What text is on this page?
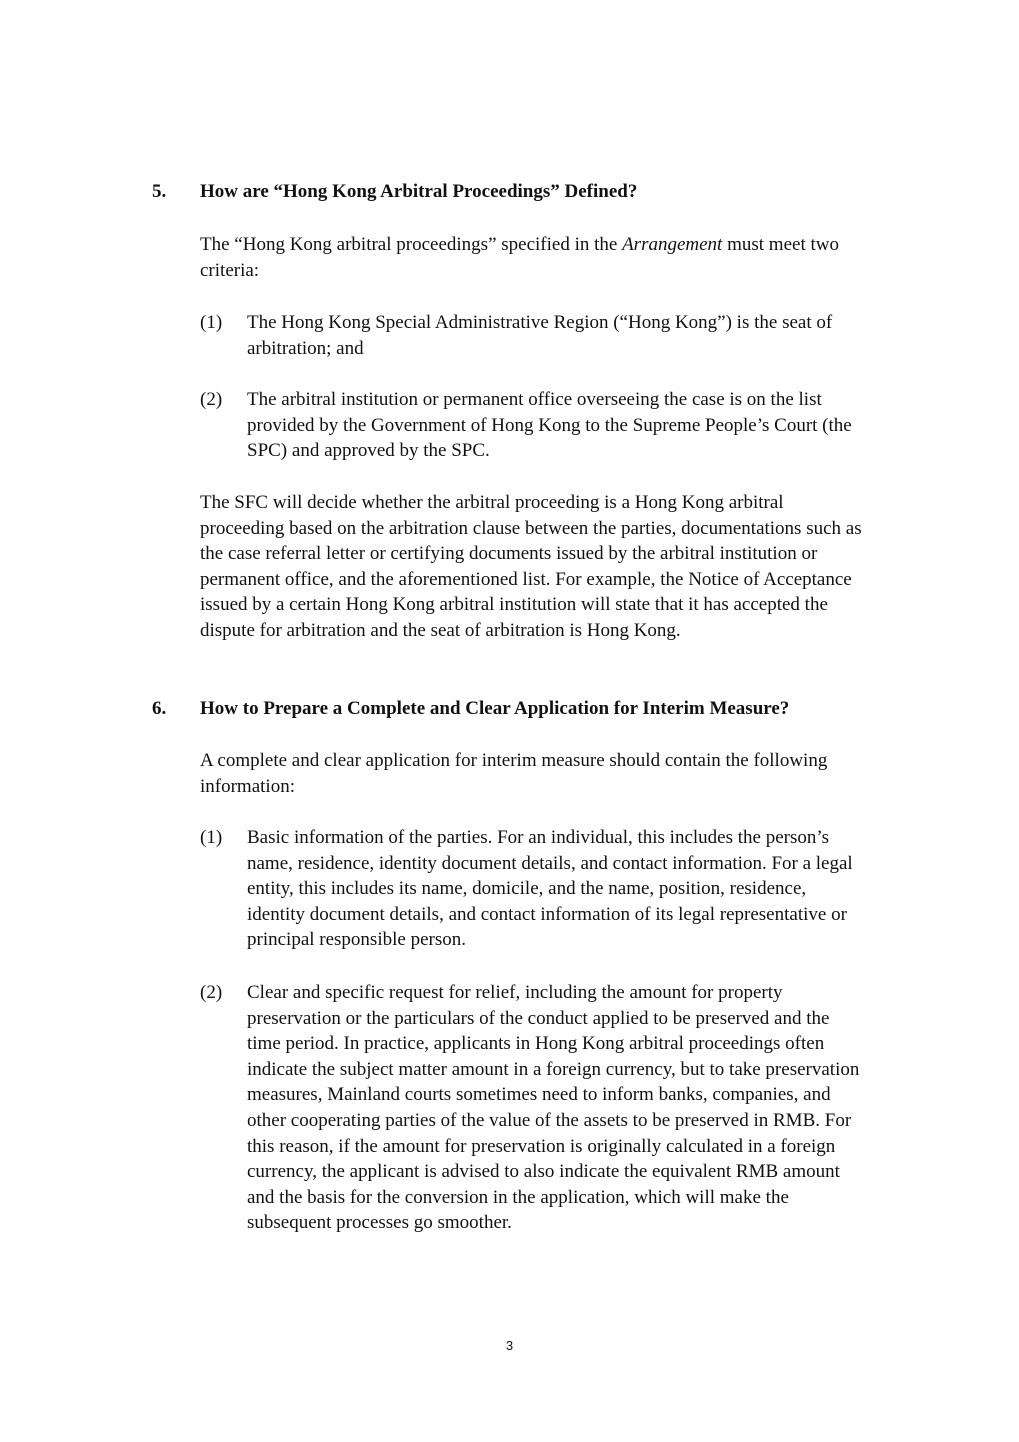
5. How are “Hong Kong Arbitral Proceedings” Defined?

The “Hong Kong arbitral proceedings” specified in the Arrangement must meet two criteria:

(1) The Hong Kong Special Administrative Region (“Hong Kong”) is the seat of arbitration; and
(2) The arbitral institution or permanent office overseeing the case is on the list provided by the Government of Hong Kong to the Supreme People’s Court (the SPC) and approved by the SPC.

The SFC will decide whether the arbitral proceeding is a Hong Kong arbitral proceeding based on the arbitration clause between the parties, documentations such as the case referral letter or certifying documents issued by the arbitral institution or permanent office, and the aforementioned list. For example, the Notice of Acceptance issued by a certain Hong Kong arbitral institution will state that it has accepted the dispute for arbitration and the seat of arbitration is Hong Kong.

6. How to Prepare a Complete and Clear Application for Interim Measure?

A complete and clear application for interim measure should contain the following information:

(1) Basic information of the parties. For an individual, this includes the person’s name, residence, identity document details, and contact information. For a legal entity, this includes its name, domicile, and the name, position, residence, identity document details, and contact information of its legal representative or principal responsible person.
(2) Clear and specific request for relief, including the amount for property preservation or the particulars of the conduct applied to be preserved and the time period. In practice, applicants in Hong Kong arbitral proceedings often indicate the subject matter amount in a foreign currency, but to take preservation measures, Mainland courts sometimes need to inform banks, companies, and other cooperating parties of the value of the assets to be preserved in RMB. For this reason, if the amount for preservation is originally calculated in a foreign currency, the applicant is advised to also indicate the equivalent RMB amount and the basis for the conversion in the application, which will make the subsequent processes go smoother.
3
